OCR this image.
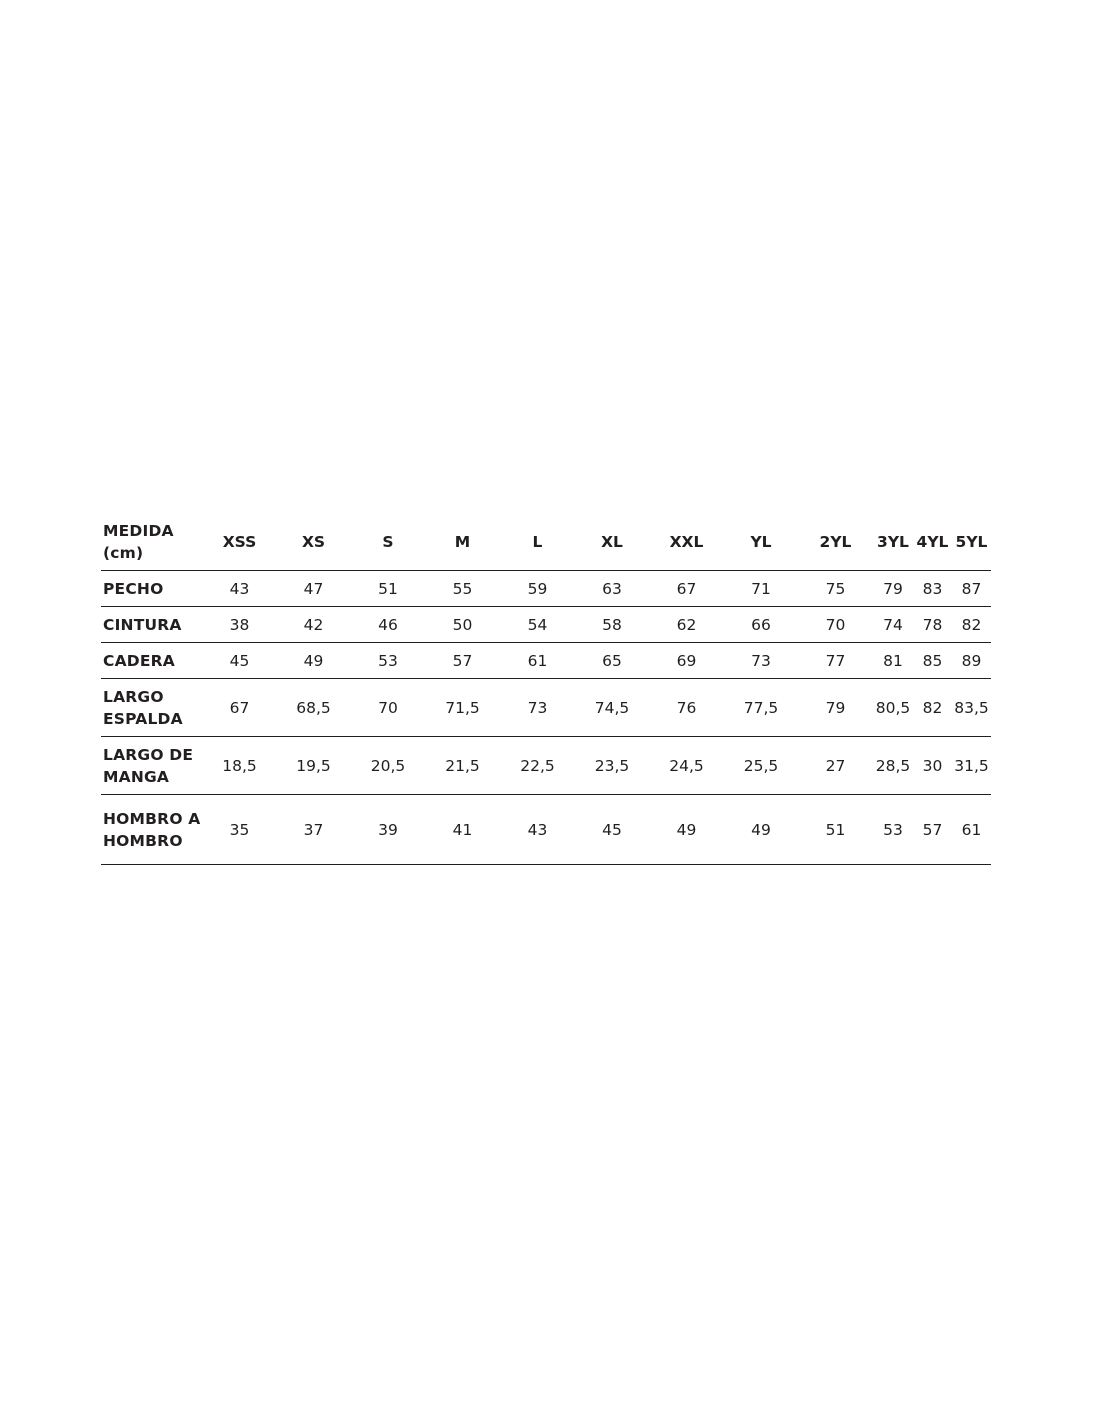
MEDIDA (cm)	XSS	XS	S	M	L	XL	XXL	YL	2YL	3YL	4YL	5YL
PECHO	43	47	51	55	59	63	67	71	75	79	83	87
CINTURA	38	42	46	50	54	58	62	66	70	74	78	82
CADERA	45	49	53	57	61	65	69	73	77	81	85	89
LARGO ESPALDA	67	68,5	70	71,5	73	74,5	76	77,5	79	80,5	82	83,5
LARGO DE MANGA	18,5	19,5	20,5	21,5	22,5	23,5	24,5	25,5	27	28,5	30	31,5
HOMBRO A HOMBRO	35	37	39	41	43	45	49	49	51	53	57	61
